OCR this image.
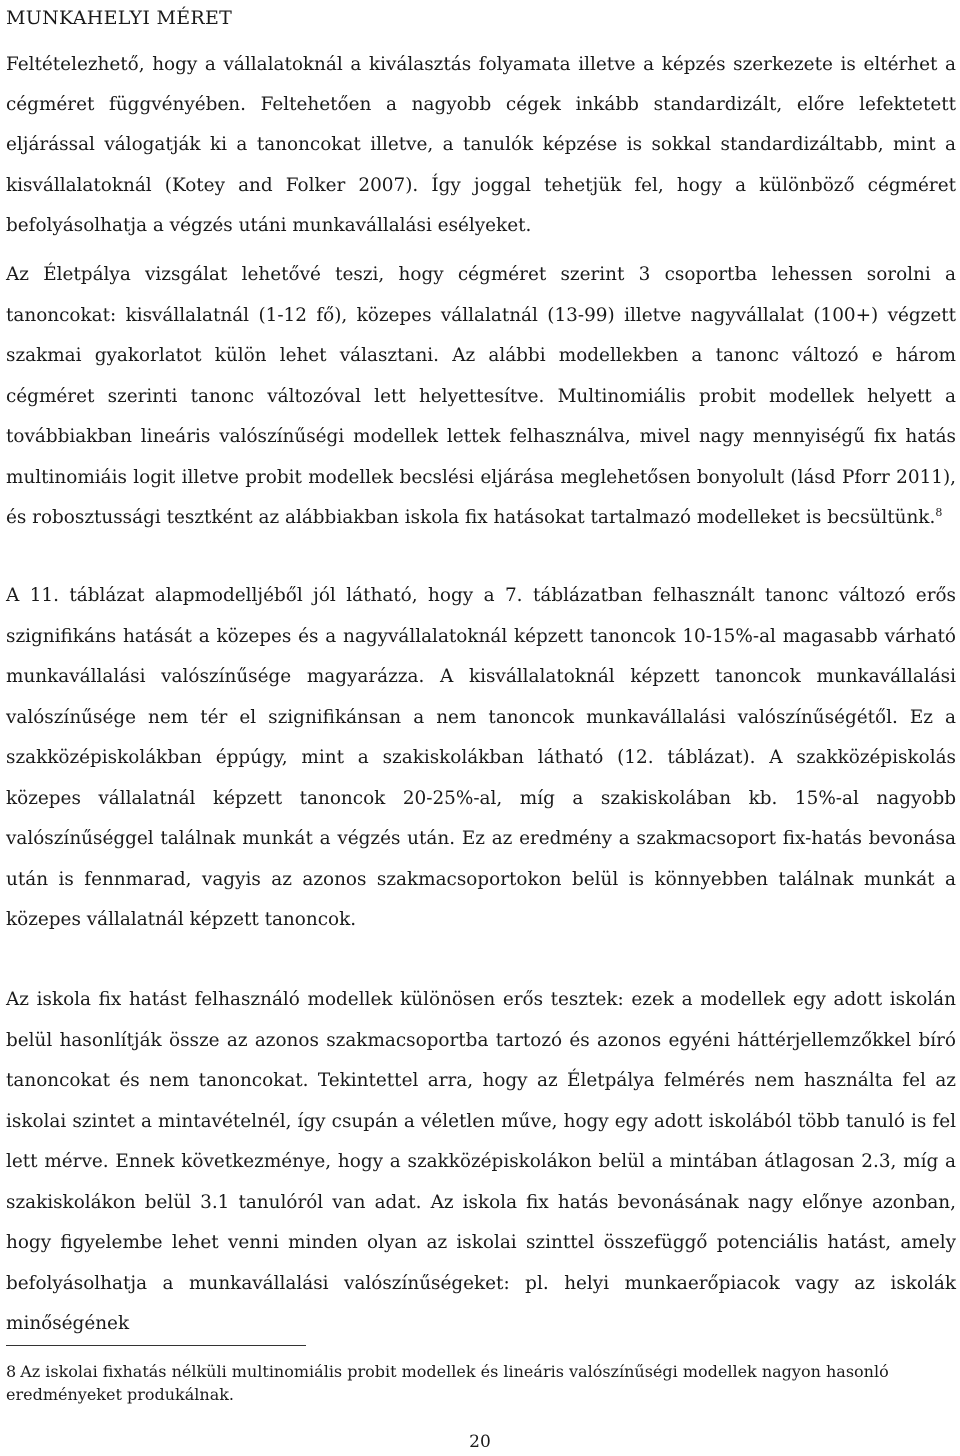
MUNKAHELYI MÉRET

Feltételezhető, hogy a vállalatoknál a kiválasztás folyamata illetve a képzés szerkezete is eltérhet a cégméret függvényében. Feltehetően a nagyobb cégek inkább standardizált, előre lefektetett eljárással válogatják ki a tanoncokat illetve, a tanulók képzése is sokkal standardizáltabb, mint a kisvállalatoknál (Kotey and Folker 2007). Így joggal tehetjük fel, hogy a különböző cégméret befolyásolhatja a végzés utáni munkavállalási esélyeket.

Az Életpálya vizsgálat lehetővé teszi, hogy cégméret szerint 3 csoportba lehessen sorolni a tanoncokat: kisvállalatnál (1-12 fő), közepes vállalatnál (13-99) illetve nagyvállalat (100+) végzett szakmai gyakorlatot külön lehet választani. Az alábbi modellekben a tanonc változó e három cégméret szerinti tanonc változóval lett helyettesítve. Multinomiális probit modellek helyett a továbbiakban lineáris valószínűségi modellek lettek felhasználva, mivel nagy mennyiségű fix hatás multinomiáis logit illetve probit modellek becslési eljárása meglehetősen bonyolult (lásd Pforr 2011), és robosztussági tesztként az alábbiakban iskola fix hatásokat tartalmazó modelleket is becsültünk.$^8$

A 11. táblázat alapmodelljéből jól látható, hogy a 7. táblázatban felhasznált tanonc változó erős szignifikáns hatását a közepes és a nagyvállalatoknál képzett tanoncok 10-15%-al magasabb várható munkavállalási valószínűsége magyarázza. A kisvállalatoknál képzett tanoncok munkavállalási valószínűsége nem tér el szignifikánsan a nem tanoncok munkavállalási valószínűségétől. Ez a szakközépiskolákban éppúgy, mint a szakiskolákban látható (12. táblázat). A szakközépiskolás közepes vállalatnál képzett tanoncok 20-25%-al, míg a szakiskolában kb. 15%-al nagyobb valószínűséggel találnak munkát a végzés után. Ez az eredmény a szakmacsoport fix-hatás bevonása után is fennmarad, vagyis az azonos szakmacsoportokon belül is könnyebben találnak munkát a közepes vállalatnál képzett tanoncok.

Az iskola fix hatást felhasználó modellek különösen erős tesztek: ezek a modellek egy adott iskolán belül hasonlítják össze az azonos szakmacsoportba tartozó és azonos egyéni háttérjellemzőkkel bíró tanoncokat és nem tanoncokat. Tekintettel arra, hogy az Életpálya felmérés nem használta fel az iskolai szintet a mintavételnél, így csupán a véletlen műve, hogy egy adott iskolából több tanuló is fel lett mérve. Ennek következménye, hogy a szakközépiskolákon belül a mintában átlagosan 2.3, míg a szakiskolákon belül 3.1 tanulóról van adat. Az iskola fix hatás bevonásának nagy előnye azonban, hogy figyelembe lehet venni minden olyan az iskolai szinttel összefüggő potenciális hatást, amely befolyásolhatja a munkavállalási valószínűségeket: pl. helyi munkaerőpiacok vagy az iskolák minőségének

8 Az iskolai fixhatás nélküli multinomiális probit modellek és lineáris valószínűségi modellek nagyon hasonló eredményeket produkálnak.
20
